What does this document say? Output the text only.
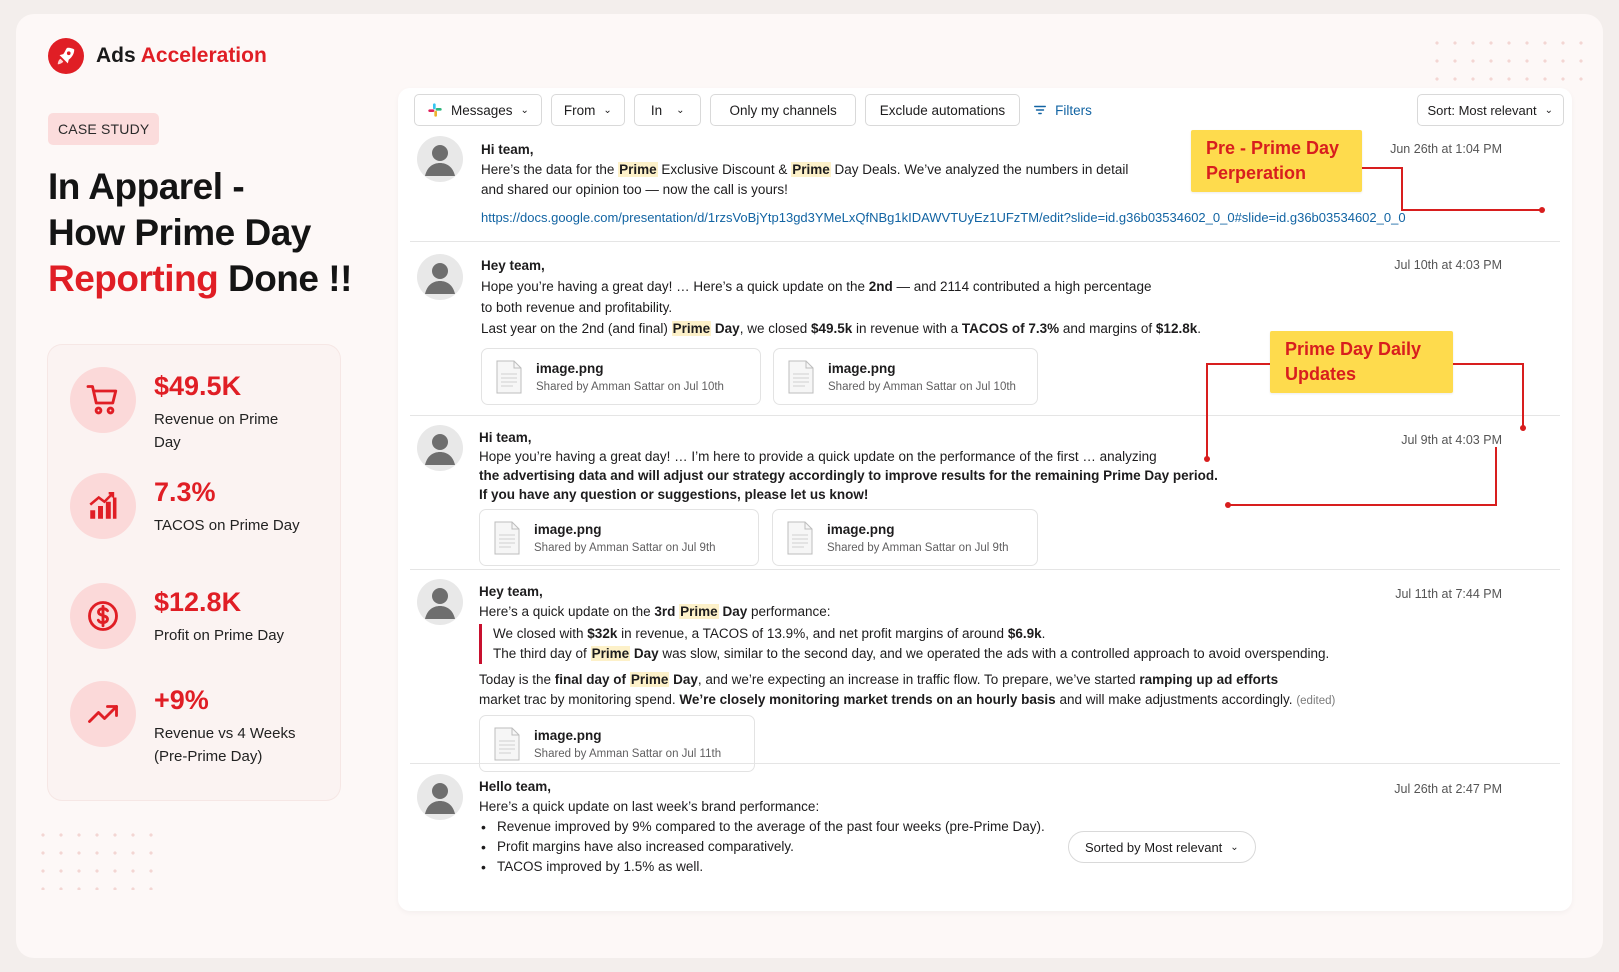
Ads Acceleration
CASE STUDY
In Apparel -
How Prime Day
Reporting Done !!
$49.5K
Revenue on Prime Day
7.3%
TACOS on Prime Day
$12.8K
Profit on Prime Day
+9%
Revenue vs 4 Weeks (Pre-Prime Day)
Messages ⌄	From ⌄	In ⌄	Only my channels	Exclude automations	Filters	Sort: Most relevant ⌄
Hi team,
Here’s the data for the Prime Exclusive Discount & Prime Day Deals. We’ve analyzed the numbers in detail
and shared our opinion too — now the call is yours!
https://docs.google.com/presentation/d/1rzsVoBjYtp13gd3YMeLxQfNBg1kIDAWVTUyEz1UFzTM/edit?slide=id.g36b03534602_0_0#slide=id.g36b03534602_0_0
Jun 26th at 1:04 PM
Hey team,
Hope you’re having a great day! … Here’s a quick update on the 2nd — and 2114 contributed a high percentage
to both revenue and profitability.
Last year on the 2nd (and final) Prime Day, we closed $49.5k in revenue with a TACOS of 7.3% and margins of $12.8k.
Jul 10th at 4:03 PM
image.png
Shared by Amman Sattar on Jul 10th
image.png
Shared by Amman Sattar on Jul 10th
Hi team,
Hope you’re having a great day! … I’m here to provide a quick update on the performance of the first … analyzing
the advertising data and will adjust our strategy accordingly to improve results for the remaining Prime Day period.
If you have any question or suggestions, please let us know!
Jul 9th at 4:03 PM
image.png
Shared by Amman Sattar on Jul 9th
image.png
Shared by Amman Sattar on Jul 9th
Hey team,
Here’s a quick update on the 3rd Prime Day performance:
We closed with $32k in revenue, a TACOS of 13.9%, and net profit margins of around $6.9k.
The third day of Prime Day was slow, similar to the second day, and we operated the ads with a controlled approach to avoid overspending.
Today is the final day of Prime Day, and we’re expecting an increase in traffic flow. To prepare, we’ve started ramping up ad efforts
market trac by monitoring spend. We’re closely monitoring market trends on an hourly basis and will make adjustments accordingly. (edited)
Jul 11th at 7:44 PM
image.png
Shared by Amman Sattar on Jul 11th
Hello team,
Here’s a quick update on last week’s brand performance:
• Revenue improved by 9% compared to the average of the past four weeks (pre-Prime Day).
• Profit margins have also increased comparatively.
• TACOS improved by 1.5% as well.
Jul 26th at 2:47 PM
Sorted by Most relevant ⌄
Pre - Prime Day
Perperation
Prime Day Daily
Updates
